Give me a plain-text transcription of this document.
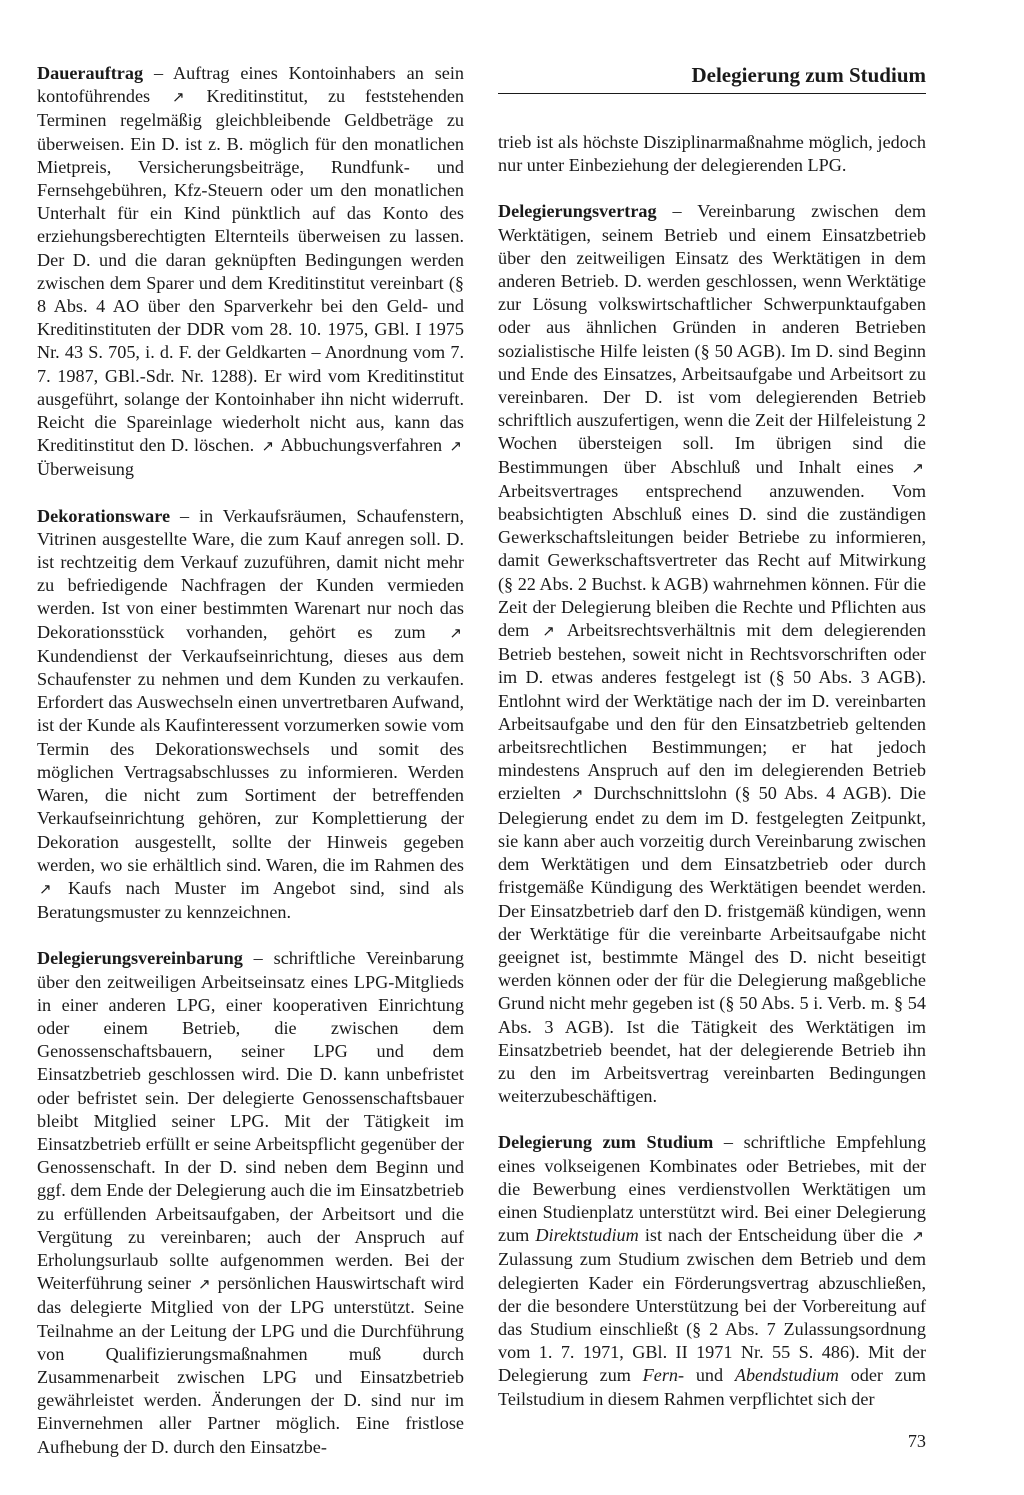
Delegierung zum Studium

Dauerauftrag – Auftrag eines Kontoinhabers an sein kontoführendes ↗ Kreditinstitut, zu feststehenden Terminen regelmäßig gleichbleibende Geldbeträge zu überweisen. Ein D. ist z. B. möglich für den monatlichen Mietpreis, Versicherungsbeiträge, Rundfunk- und Fernsehgebühren, Kfz-Steuern oder um den monatlichen Unterhalt für ein Kind pünktlich auf das Konto des erziehungsberechtigten Elternteils überweisen zu lassen. Der D. und die daran geknüpften Bedingungen werden zwischen dem Sparer und dem Kreditinstitut vereinbart (§ 8 Abs. 4 AO über den Sparverkehr bei den Geld- und Kreditinstituten der DDR vom 28. 10. 1975, GBl. I 1975 Nr. 43 S. 705, i. d. F. der Geldkarten – Anordnung vom 7. 7. 1987, GBl.-Sdr. Nr. 1288). Er wird vom Kreditinstitut ausgeführt, solange der Kontoinhaber ihn nicht widerruft. Reicht die Spareinlage wiederholt nicht aus, kann das Kreditinstitut den D. löschen. ↗ Abbuchungsverfahren ↗ Überweisung

Dekorationsware – in Verkaufsräumen, Schaufenstern, Vitrinen ausgestellte Ware, die zum Kauf anregen soll. D. ist rechtzeitig dem Verkauf zuzuführen, damit nicht mehr zu befriedigende Nachfragen der Kunden vermieden werden. Ist von einer bestimmten Warenart nur noch das Dekorationsstück vorhanden, gehört es zum ↗ Kundendienst der Verkaufseinrichtung, dieses aus dem Schaufenster zu nehmen und dem Kunden zu verkaufen. Erfordert das Auswechseln einen unvertretbaren Aufwand, ist der Kunde als Kaufinteressent vorzumerken sowie vom Termin des Dekorationswechsels und somit des möglichen Vertragsabschlusses zu informieren. Werden Waren, die nicht zum Sortiment der betreffenden Verkaufseinrichtung gehören, zur Komplettierung der Dekoration ausgestellt, sollte der Hinweis gegeben werden, wo sie erhältlich sind. Waren, die im Rahmen des ↗ Kaufs nach Muster im Angebot sind, sind als Beratungsmuster zu kennzeichnen.

Delegierungsvereinbarung – schriftliche Vereinbarung über den zeitweiligen Arbeitseinsatz eines LPG-Mitglieds in einer anderen LPG, einer kooperativen Einrichtung oder einem Betrieb, die zwischen dem Genossenschaftsbauern, seiner LPG und dem Einsatzbetrieb geschlossen wird. Die D. kann unbefristet oder befristet sein. Der delegierte Genossenschaftsbauer bleibt Mitglied seiner LPG. Mit der Tätigkeit im Einsatzbetrieb erfüllt er seine Arbeitspflicht gegenüber der Genossenschaft. In der D. sind neben dem Beginn und ggf. dem Ende der Delegierung auch die im Einsatzbetrieb zu erfüllenden Arbeitsaufgaben, der Arbeitsort und die Vergütung zu vereinbaren; auch der Anspruch auf Erholungsurlaub sollte aufgenommen werden. Bei der Weiterführung seiner ↗ persönlichen Hauswirtschaft wird das delegierte Mitglied von der LPG unterstützt. Seine Teilnahme an der Leitung der LPG und die Durchführung von Qualifizierungsmaßnahmen muß durch Zusammenarbeit zwischen LPG und Einsatzbetrieb gewährleistet werden. Änderungen der D. sind nur im Einvernehmen aller Partner möglich. Eine fristlose Aufhebung der D. durch den Einsatzbe-

trieb ist als höchste Disziplinarmaßnahme möglich, jedoch nur unter Einbeziehung der delegierenden LPG.

Delegierungsvertrag – Vereinbarung zwischen dem Werktätigen, seinem Betrieb und einem Einsatzbetrieb über den zeitweiligen Einsatz des Werktätigen in dem anderen Betrieb. D. werden geschlossen, wenn Werktätige zur Lösung volkswirtschaftlicher Schwerpunktaufgaben oder aus ähnlichen Gründen in anderen Betrieben sozialistische Hilfe leisten (§ 50 AGB). Im D. sind Beginn und Ende des Einsatzes, Arbeitsaufgabe und Arbeitsort zu vereinbaren. Der D. ist vom delegierenden Betrieb schriftlich auszufertigen, wenn die Zeit der Hilfeleistung 2 Wochen übersteigen soll. Im übrigen sind die Bestimmungen über Abschluß und Inhalt eines ↗ Arbeitsvertrages entsprechend anzuwenden. Vom beabsichtigten Abschluß eines D. sind die zuständigen Gewerkschaftsleitungen beider Betriebe zu informieren, damit Gewerkschaftsvertreter das Recht auf Mitwirkung (§ 22 Abs. 2 Buchst. k AGB) wahrnehmen können. Für die Zeit der Delegierung bleiben die Rechte und Pflichten aus dem ↗ Arbeitsrechtsverhältnis mit dem delegierenden Betrieb bestehen, soweit nicht in Rechtsvorschriften oder im D. etwas anderes festgelegt ist (§ 50 Abs. 3 AGB). Entlohnt wird der Werktätige nach der im D. vereinbarten Arbeitsaufgabe und den für den Einsatzbetrieb geltenden arbeitsrechtlichen Bestimmungen; er hat jedoch mindestens Anspruch auf den im delegierenden Betrieb erzielten ↗ Durchschnittslohn (§ 50 Abs. 4 AGB). Die Delegierung endet zu dem im D. festgelegten Zeitpunkt, sie kann aber auch vorzeitig durch Vereinbarung zwischen dem Werktätigen und dem Einsatzbetrieb oder durch fristgemäße Kündigung des Werktätigen beendet werden. Der Einsatzbetrieb darf den D. fristgemäß kündigen, wenn der Werktätige für die vereinbarte Arbeitsaufgabe nicht geeignet ist, bestimmte Mängel des D. nicht beseitigt werden können oder der für die Delegierung maßgebliche Grund nicht mehr gegeben ist (§ 50 Abs. 5 i. Verb. m. § 54 Abs. 3 AGB). Ist die Tätigkeit des Werktätigen im Einsatzbetrieb beendet, hat der delegierende Betrieb ihn zu den im Arbeitsvertrag vereinbarten Bedingungen weiterzubeschäftigen.

Delegierung zum Studium – schriftliche Empfehlung eines volkseigenen Kombinates oder Betriebes, mit der die Bewerbung eines verdienstvollen Werktätigen um einen Studienplatz unterstützt wird. Bei einer Delegierung zum Direktstudium ist nach der Entscheidung über die ↗ Zulassung zum Studium zwischen dem Betrieb und dem delegierten Kader ein Förderungsvertrag abzuschließen, der die besondere Unterstützung bei der Vorbereitung auf das Studium einschließt (§ 2 Abs. 7 Zulassungsordnung vom 1. 7. 1971, GBl. II 1971 Nr. 55 S. 486). Mit der Delegierung zum Fern- und Abendstudium oder zum Teilstudium in diesem Rahmen verpflichtet sich der

73
